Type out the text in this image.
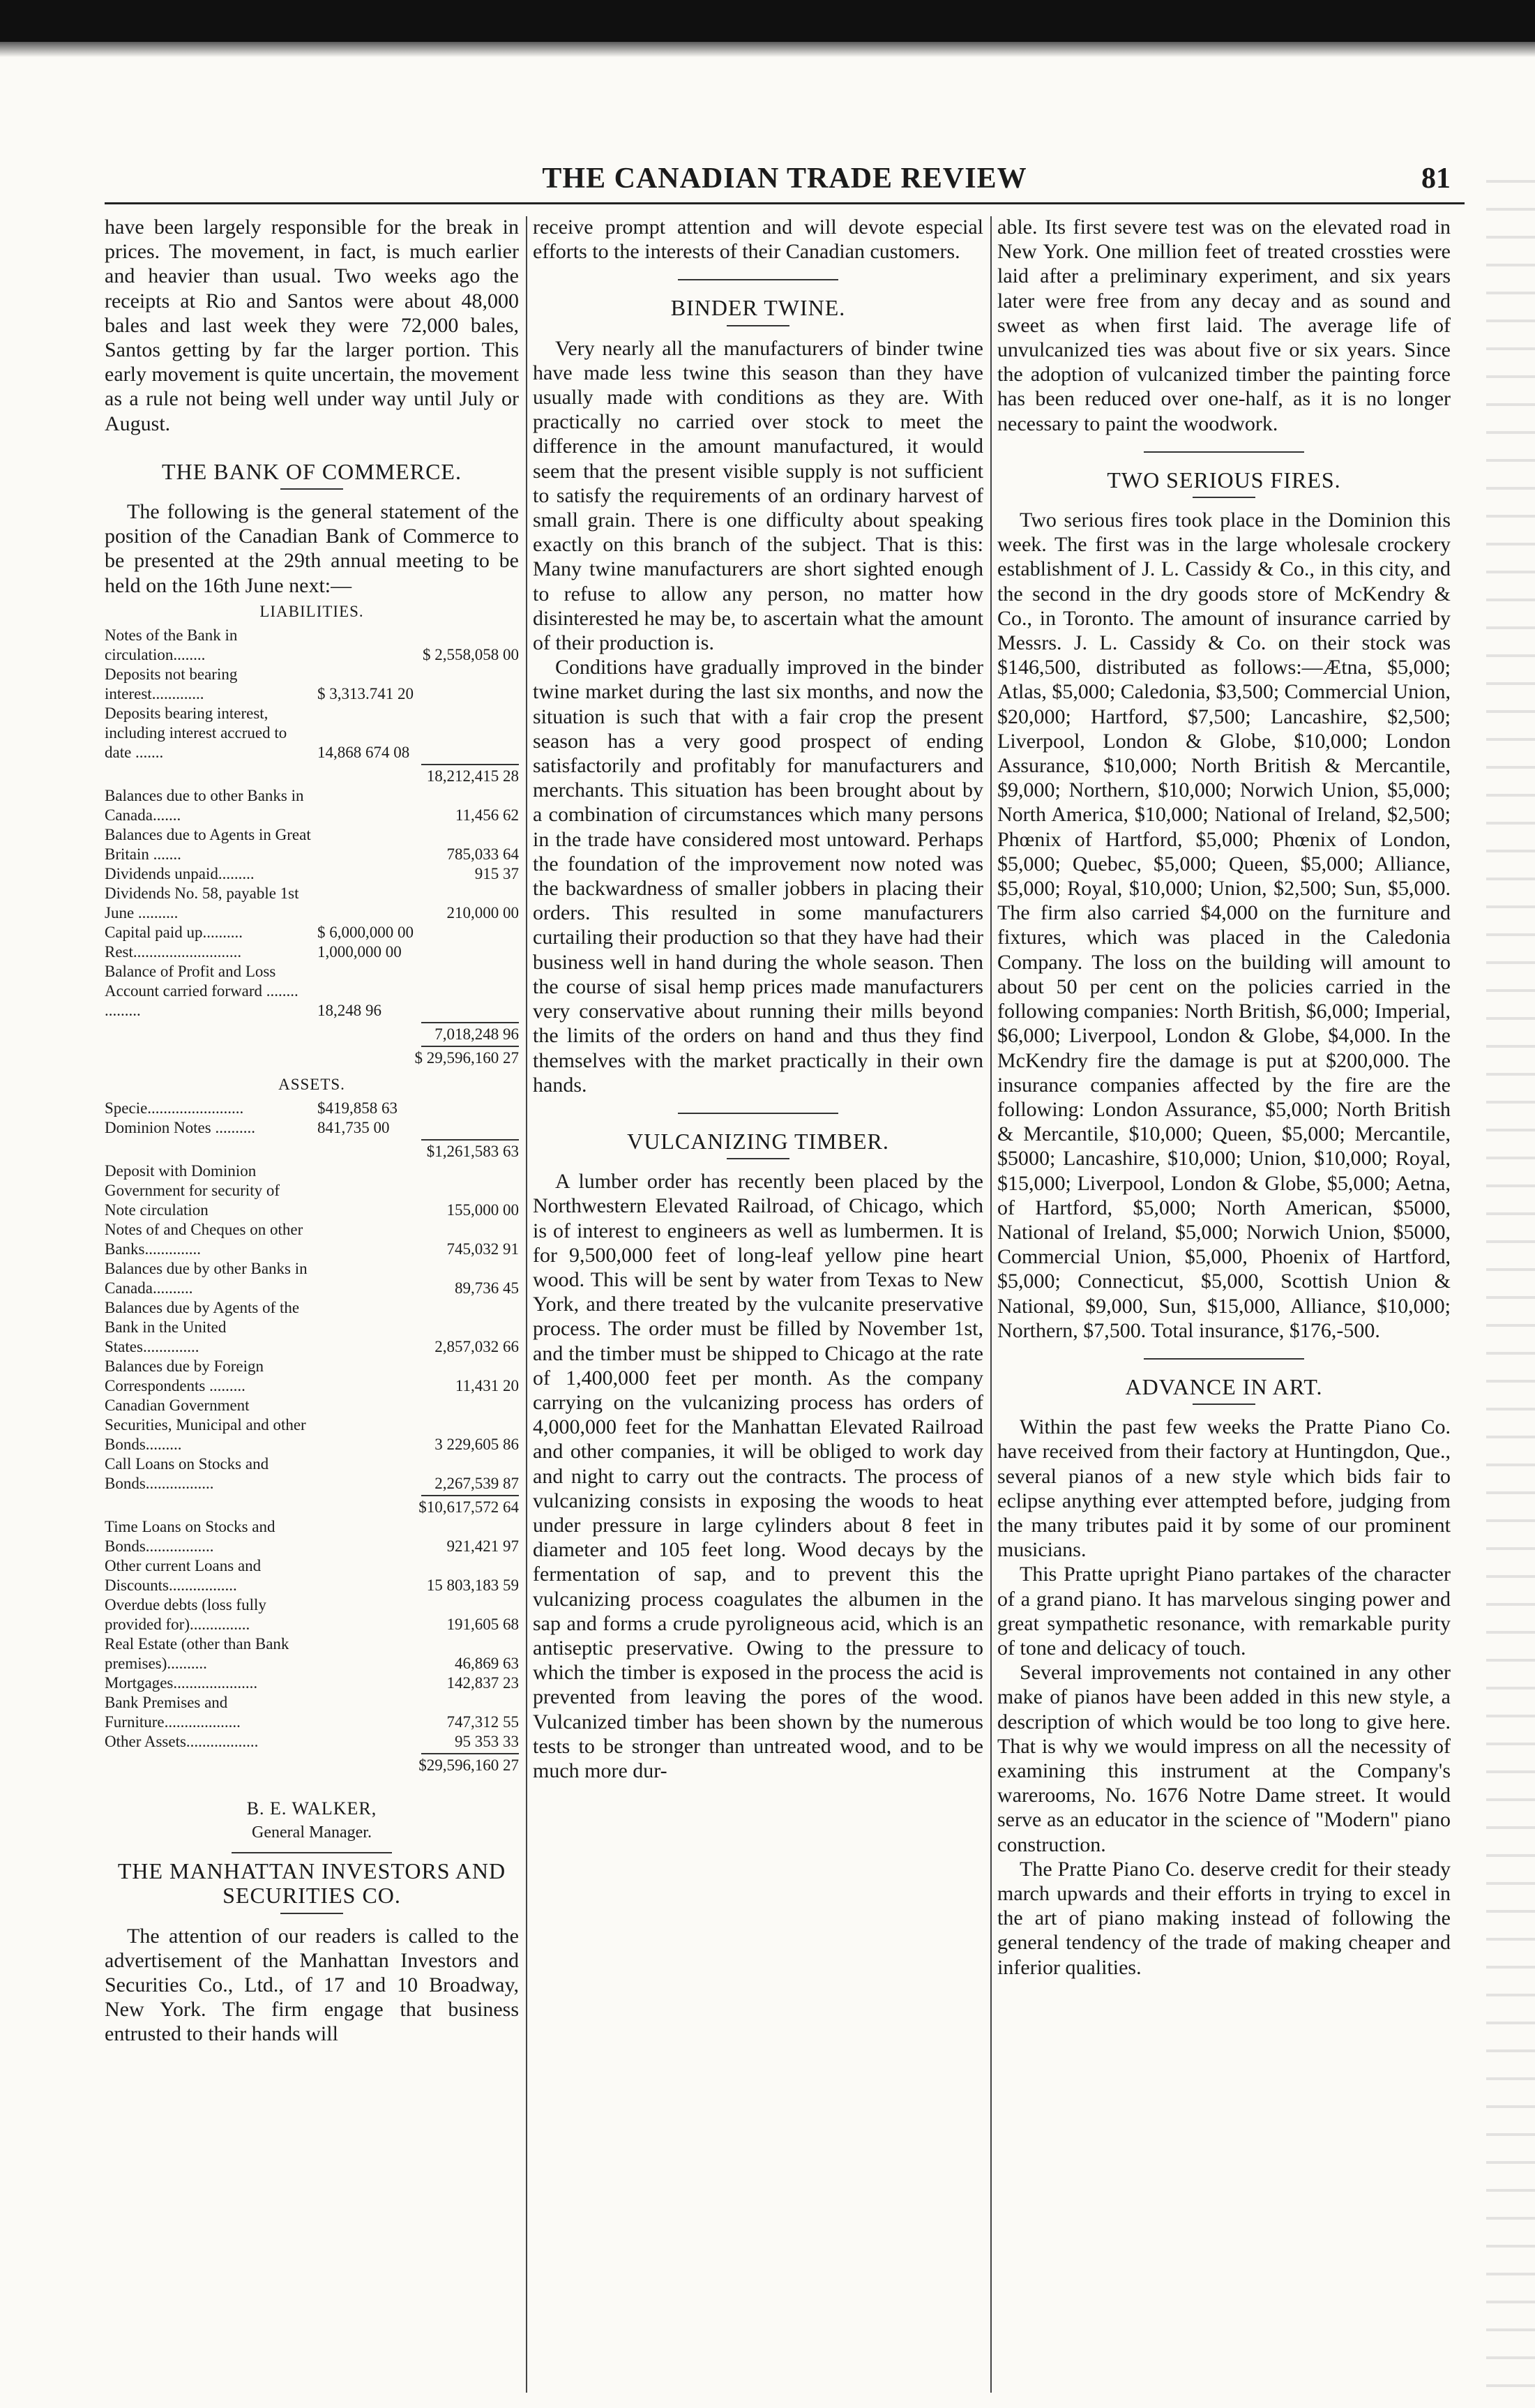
THE CANADIAN TRADE REVIEW	81

have been largely responsible for the break in prices. The movement, in fact, is much earlier and heavier than usual. Two weeks ago the receipts at Rio and Santos were about 48,000 bales and last week they were 72,000 bales, Santos getting by far the larger portion. This early movement is quite uncertain, the movement as a rule not being well under way until July or August.

THE BANK OF COMMERCE.

The following is the general statement of the position of the Canadian Bank of Commerce to be presented at the 29th annual meeting to be held on the 16th June next:—

LIABILITIES.
Notes of the Bank in circulation........	$ 2,558,058 00
Deposits not bearing interest.............	$ 3,313.741 20
Deposits bearing interest, including interest accrued to date .......	14,868 674 08
18,212,415 28
Balances due to other Banks in Canada.......	11,456 62
Balances due to Agents in Great Britain .......	785,033 64
Dividends unpaid.........	915 37
Dividends No. 58, payable 1st June ..........	210,000 00
Capital paid up..........	$ 6,000,000 00
Rest...........................	1,000,000 00
Balance of Profit and Loss Account carried forward ........ .........	18,248 96
7,018,248 96
$ 29,596,160 27
ASSETS.
Specie........................	$419,858 63
Dominion Notes ..........	841,735 00
$1,261,583 63
Deposit with Dominion Government for security of Note circulation	155,000 00
Notes of and Cheques on other Banks..............	745,032 91
Balances due by other Banks in Canada..........	89,736 45
Balances due by Agents of the Bank in the United States..............	2,857,032 66
Balances due by Foreign Correspondents .........	11,431 20
Canadian Government Securities, Municipal and other Bonds.........	3 229,605 86
Call Loans on Stocks and Bonds.................	2,267,539 87
$10,617,572 64
Time Loans on Stocks and Bonds.................	921,421 97
Other current Loans and Discounts.................	15 803,183 59
Overdue debts (loss fully provided for)...............	191,605 68
Real Estate (other than Bank premises)..........	46,869 63
Mortgages.....................	142,837 23
Bank Premises and Furniture...................	747,312 55
Other Assets..................	95 353 33
$29,596,160 27
B. E. WALKER,
General Manager.
THE MANHATTAN INVESTORS AND SECURITIES CO.

The attention of our readers is called to the advertisement of the Manhattan Investors and Securities Co., Ltd., of 17 and 10 Broadway, New York. The firm engage that business entrusted to their hands will

receive prompt attention and will devote especial efforts to the interests of their Canadian customers.

BINDER TWINE.

Very nearly all the manufacturers of binder twine have made less twine this season than they have usually made with conditions as they are. With practically no carried over stock to meet the difference in the amount manufactured, it would seem that the present visible supply is not sufficient to satisfy the requirements of an ordinary harvest of small grain. There is one difficulty about speaking exactly on this branch of the subject. That is this: Many twine manufacturers are short sighted enough to refuse to allow any person, no matter how disinterested he may be, to ascertain what the amount of their production is.

Conditions have gradually improved in the binder twine market during the last six months, and now the situation is such that with a fair crop the present season has a very good prospect of ending satisfactorily and profitably for manufacturers and merchants. This situation has been brought about by a combination of circumstances which many persons in the trade have considered most untoward. Perhaps the foundation of the improvement now noted was the backwardness of smaller jobbers in placing their orders. This resulted in some manufacturers curtailing their production so that they have had their business well in hand during the whole season. Then the course of sisal hemp prices made manufacturers very conservative about running their mills beyond the limits of the orders on hand and thus they find themselves with the market practically in their own hands.

VULCANIZING TIMBER.

A lumber order has recently been placed by the Northwestern Elevated Railroad, of Chicago, which is of interest to engineers as well as lumbermen. It is for 9,500,000 feet of long-leaf yellow pine heart wood. This will be sent by water from Texas to New York, and there treated by the vulcanite preservative process. The order must be filled by November 1st, and the timber must be shipped to Chicago at the rate of 1,400,000 feet per month. As the company carrying on the vulcanizing process has orders of 4,000,000 feet for the Manhattan Elevated Railroad and other companies, it will be obliged to work day and night to carry out the contracts. The process of vulcanizing consists in exposing the woods to heat under pressure in large cylinders about 8 feet in diameter and 105 feet long. Wood decays by the fermentation of sap, and to prevent this the vulcanizing process coagulates the albumen in the sap and forms a crude pyroligneous acid, which is an antiseptic preservative. Owing to the pressure to which the timber is exposed in the process the acid is prevented from leaving the pores of the wood. Vulcanized timber has been shown by the numerous tests to be stronger than untreated wood, and to be much more dur-

able. Its first severe test was on the elevated road in New York. One million feet of treated crossties were laid after a preliminary experiment, and six years later were free from any decay and as sound and sweet as when first laid. The average life of unvulcanized ties was about five or six years. Since the adoption of vulcanized timber the painting force has been reduced over one-half, as it is no longer necessary to paint the woodwork.

TWO SERIOUS FIRES.

Two serious fires took place in the Dominion this week. The first was in the large wholesale crockery establishment of J. L. Cassidy & Co., in this city, and the second in the dry goods store of McKendry & Co., in Toronto. The amount of insurance carried by Messrs. J. L. Cassidy & Co. on their stock was $146,500, distributed as follows:—Ætna, $5,000; Atlas, $5,000; Caledonia, $3,500; Commercial Union, $20,000; Hartford, $7,500; Lancashire, $2,500; Liverpool, London & Globe, $10,000; London Assurance, $10,000; North British & Mercantile, $9,000; Northern, $10,000; Norwich Union, $5,000; North America, $10,000; National of Ireland, $2,500; Phœnix of Hartford, $5,000; Phœnix of London, $5,000; Quebec, $5,000; Queen, $5,000; Alliance, $5,000; Royal, $10,000; Union, $2,500; Sun, $5,000. The firm also carried $4,000 on the furniture and fixtures, which was placed in the Caledonia Company. The loss on the building will amount to about 50 per cent on the policies carried in the following companies: North British, $6,000; Imperial, $6,000; Liverpool, London & Globe, $4,000. In the McKendry fire the damage is put at $200,000. The insurance companies affected by the fire are the following: London Assurance, $5,000; North British & Mercantile, $10,000; Queen, $5,000; Mercantile, $5000; Lancashire, $10,000; Union, $10,000; Royal, $15,000; Liverpool, London & Globe, $5,000; Aetna, of Hartford, $5,000; North American, $5000, National of Ireland, $5,000; Norwich Union, $5000, Commercial Union, $5,000, Phoenix of Hartford, $5,000; Connecticut, $5,000, Scottish Union & National, $9,000, Sun, $15,000, Alliance, $10,000; Northern, $7,500. Total insurance, $176,-500.

ADVANCE IN ART.

Within the past few weeks the Pratte Piano Co. have received from their factory at Huntingdon, Que., several pianos of a new style which bids fair to eclipse anything ever attempted before, judging from the many tributes paid it by some of our prominent musicians.

This Pratte upright Piano partakes of the character of a grand piano. It has marvelous singing power and great sympathetic resonance, with remarkable purity of tone and delicacy of touch.

Several improvements not contained in any other make of pianos have been added in this new style, a description of which would be too long to give here. That is why we would impress on all the necessity of examining this instrument at the Company's warerooms, No. 1676 Notre Dame street. It would serve as an educator in the science of "Modern" piano construction.

The Pratte Piano Co. deserve credit for their steady march upwards and their efforts in trying to excel in the art of piano making instead of following the general tendency of the trade of making cheaper and inferior qualities.
